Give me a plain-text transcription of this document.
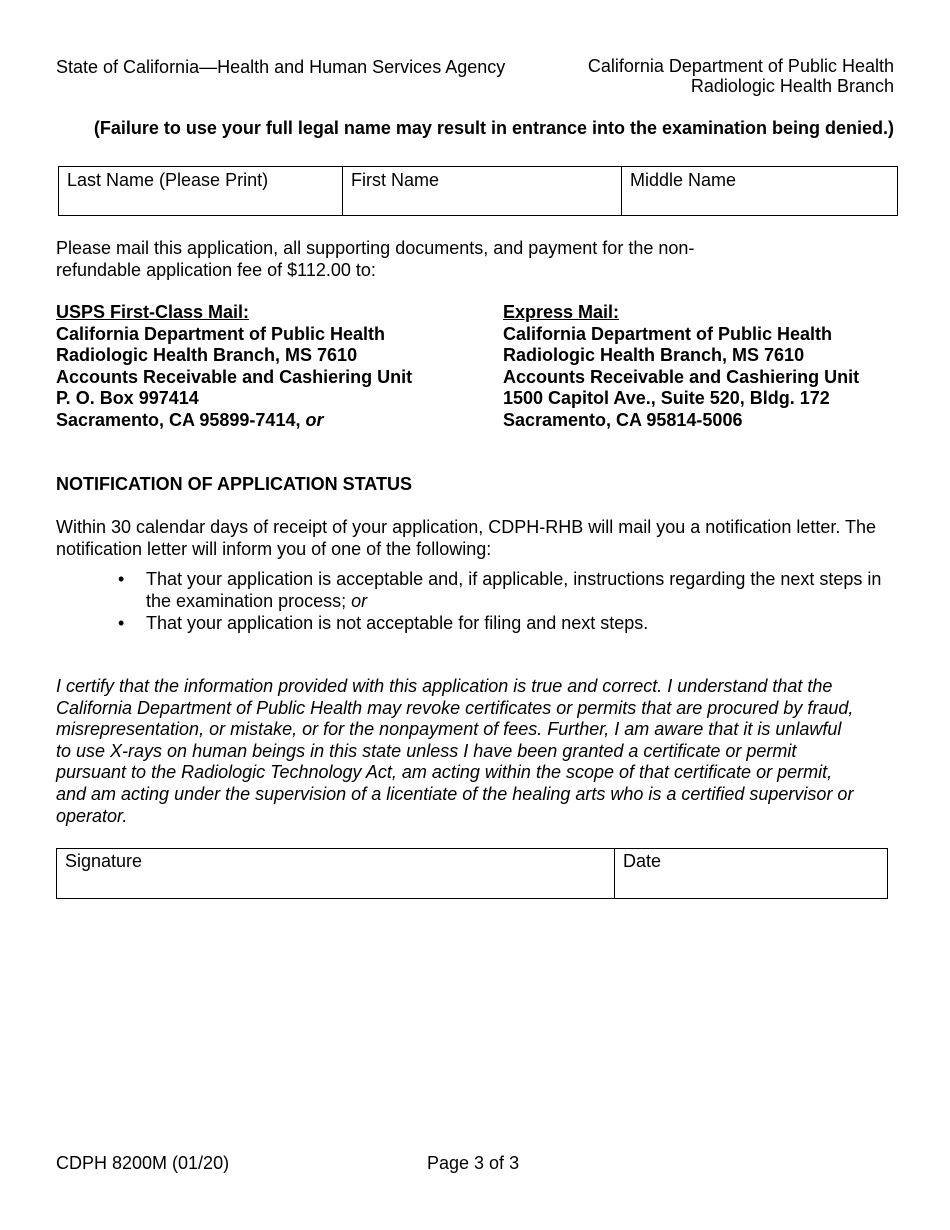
State of California—Health and Human Services Agency	California Department of Public Health
Radiologic Health Branch
(Failure to use your full legal name may result in entrance into the examination being denied.)
Last Name (Please Print)	First Name	Middle Name
Please mail this application, all supporting documents, and payment for the non-
refundable application fee of $112.00 to:
USPS First-Class Mail:
California Department of Public Health
Radiologic Health Branch, MS 7610
Accounts Receivable and Cashiering Unit
P. O. Box 997414
Sacramento, CA 95899-7414, or
Express Mail:
California Department of Public Health
Radiologic Health Branch, MS 7610
Accounts Receivable and Cashiering Unit
1500 Capitol Ave., Suite 520, Bldg. 172
Sacramento, CA 95814-5006
NOTIFICATION OF APPLICATION STATUS
Within 30 calendar days of receipt of your application, CDPH-RHB will mail you a notification letter. The
notification letter will inform you of one of the following:
• That your application is acceptable and, if applicable, instructions regarding the next steps in
the examination process; or
• That your application is not acceptable for filing and next steps.
I certify that the information provided with this application is true and correct. I understand that the
California Department of Public Health may revoke certificates or permits that are procured by fraud,
misrepresentation, or mistake, or for the nonpayment of fees. Further, I am aware that it is unlawful
to use X-rays on human beings in this state unless I have been granted a certificate or permit
pursuant to the Radiologic Technology Act, am acting within the scope of that certificate or permit,
and am acting under the supervision of a licentiate of the healing arts who is a certified supervisor or
operator.
Signature	Date
CDPH 8200M (01/20)	Page 3 of 3
